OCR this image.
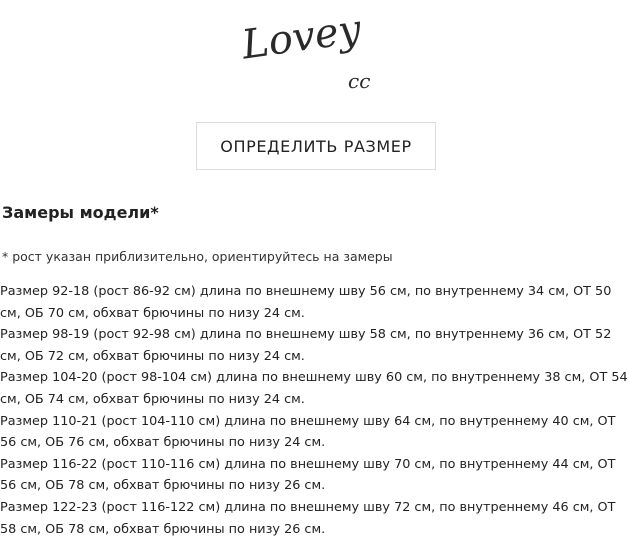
Lovey
cc
ОПРЕДЕЛИТЬ РАЗМЕР
Замеры модели*

* рост указан приблизительно, ориентируйтесь на замеры

Размер 92-18 (рост 86-92 см) длина по внешнему шву 56 см, по внутреннему 34 см, ОТ 50 см, ОБ 70 см, обхват брючины по низу 24 см.
Размер 98-19 (рост 92-98 см) длина по внешнему шву 58 см, по внутреннему 36 см, ОТ 52 см, ОБ 72 см, обхват брючины по низу 24 см.
Размер 104-20 (рост 98-104 см) длина по внешнему шву 60 см, по внутреннему 38 см, ОТ 54 см, ОБ 74 см, обхват брючины по низу 24 см.
Размер 110-21 (рост 104-110 см) длина по внешнему шву 64 см, по внутреннему 40 см, ОТ 56 см, ОБ 76 см, обхват брючины по низу 24 см.
Размер 116-22 (рост 110-116 см) длина по внешнему шву 70 см, по внутреннему 44 см, ОТ 56 см, ОБ 78 см, обхват брючины по низу 26 см.
Размер 122-23 (рост 116-122 см) длина по внешнему шву 72 см, по внутреннему 46 см, ОТ 58 см, ОБ 78 см, обхват брючины по низу 26 см.
